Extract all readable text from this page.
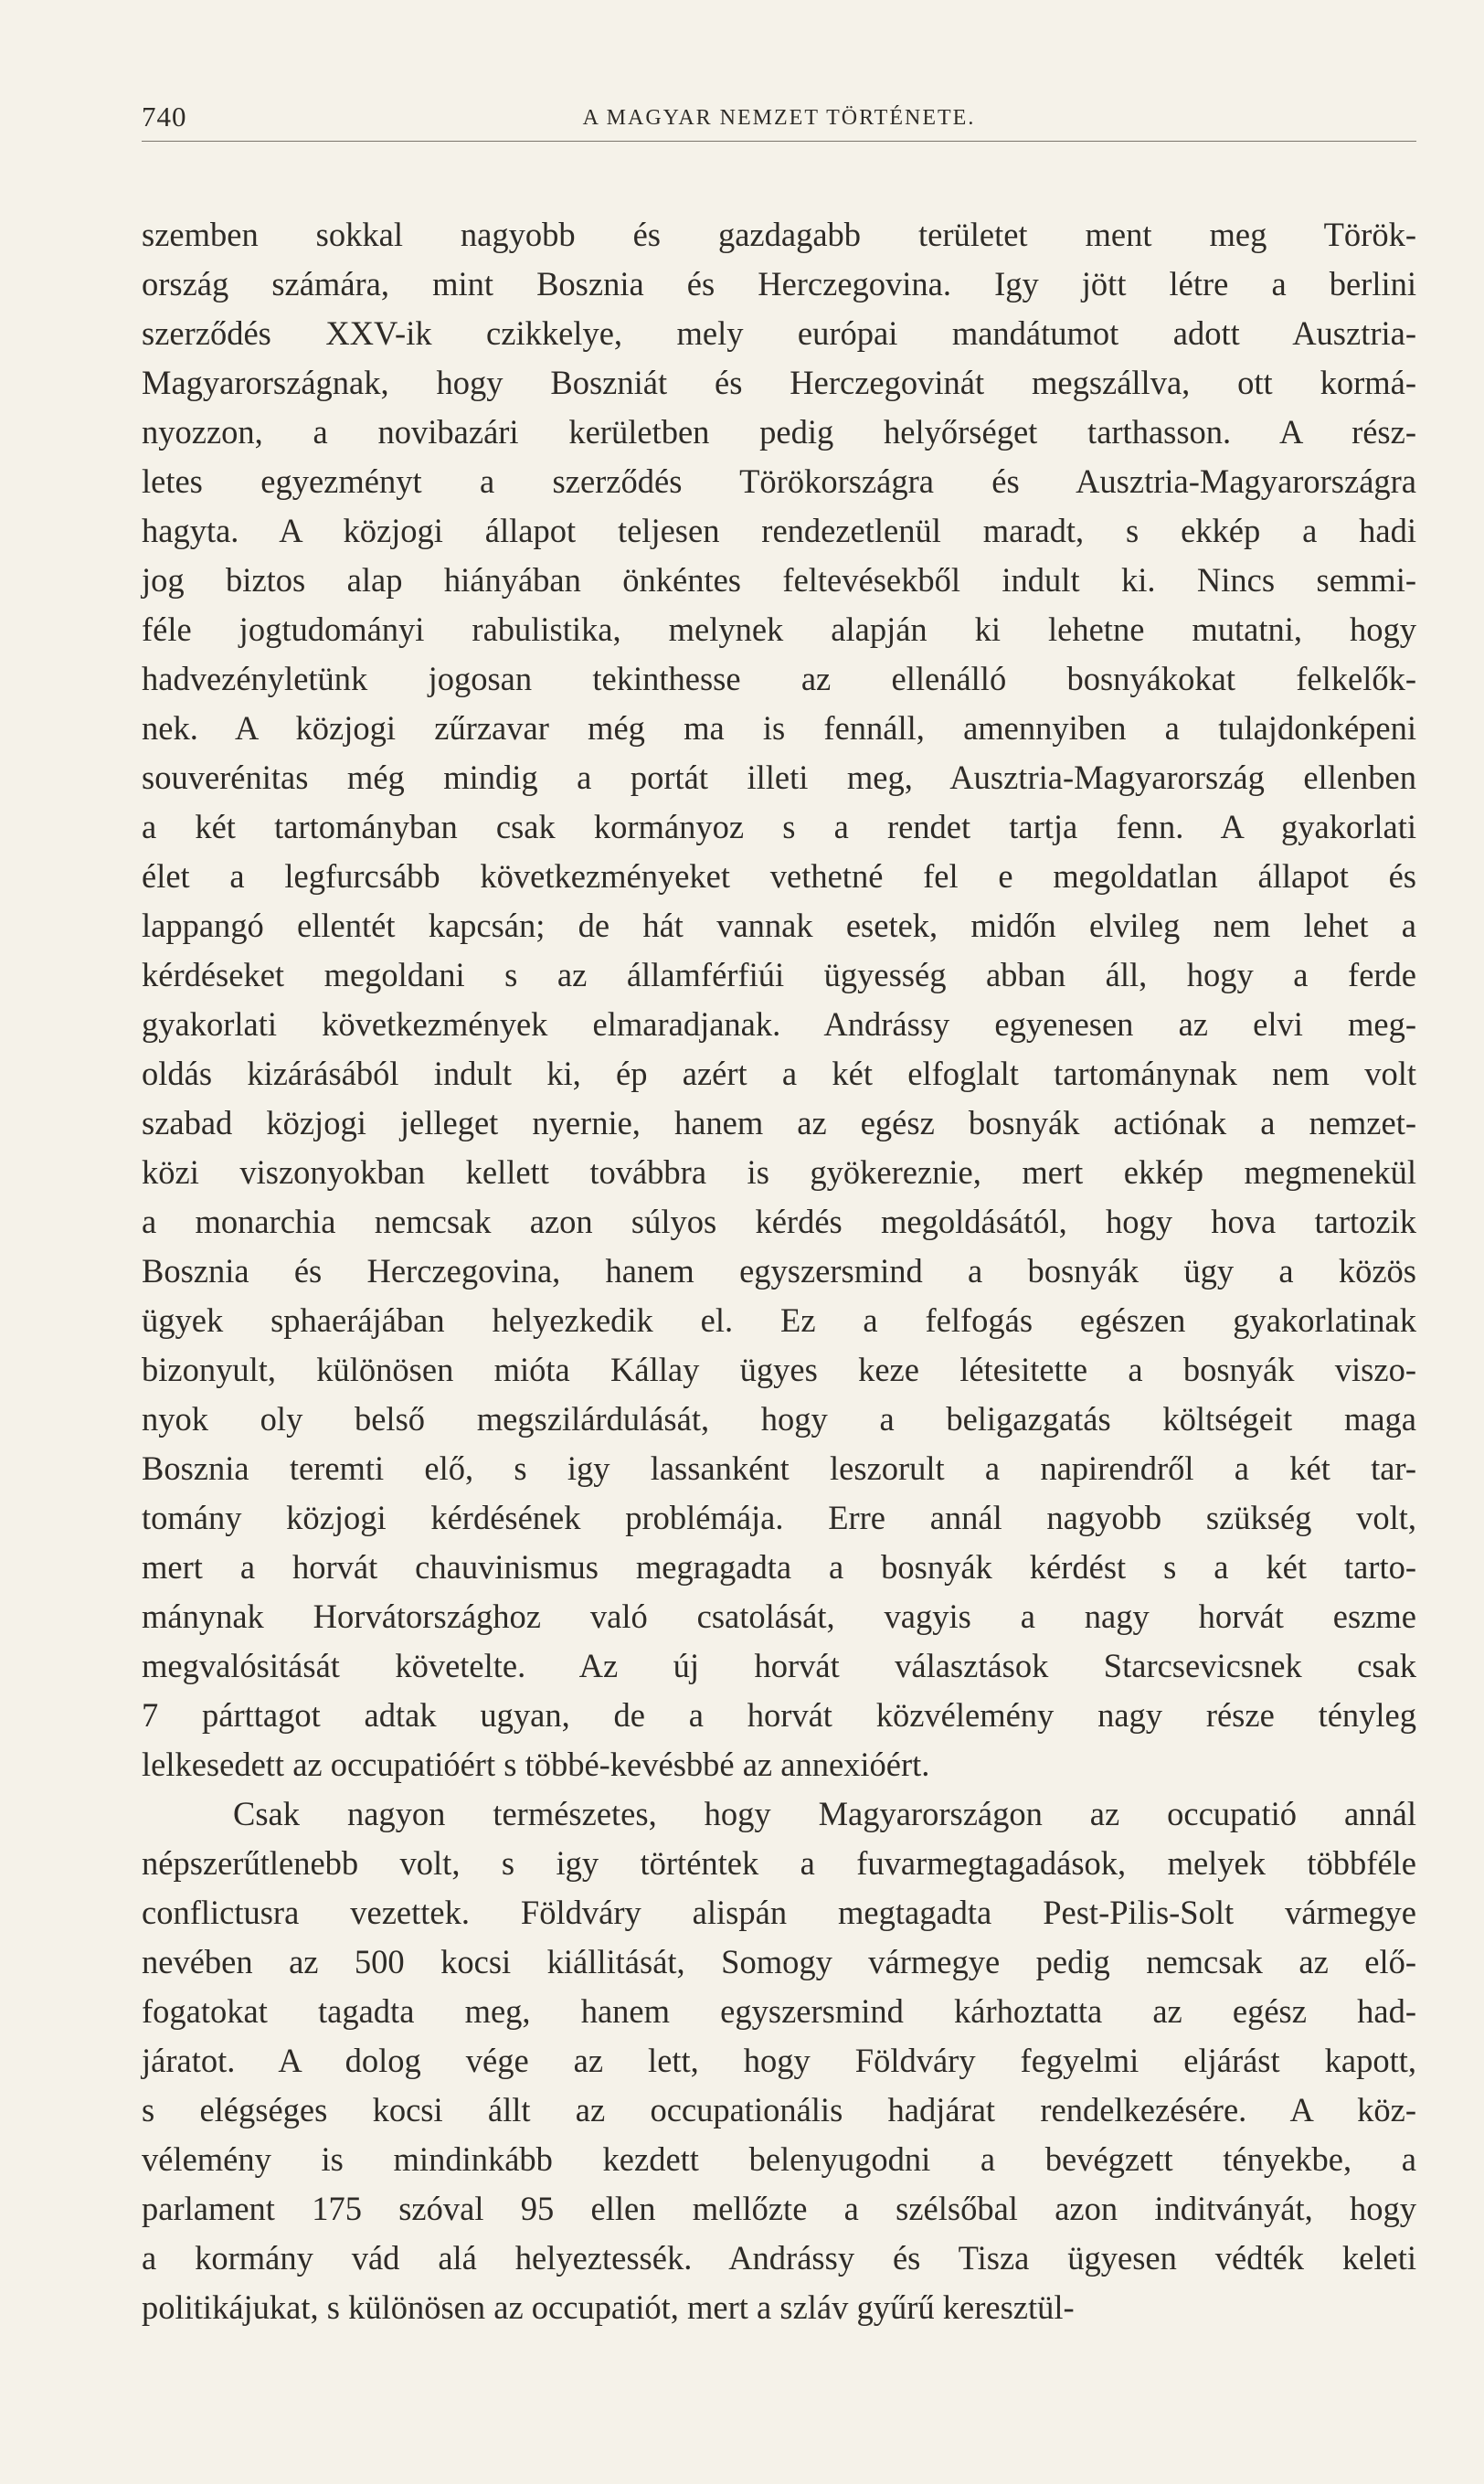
740	A MAGYAR NEMZET TÖRTÉNETE.
szemben sokkal nagyobb és gazdagabb területet ment meg Török-
ország számára, mint Bosznia és Herczegovina. Igy jött létre a berlini
szerződés XXV-ik czikkelye, mely európai mandátumot adott Ausztria-
Magyarországnak, hogy Boszniát és Herczegovinát megszállva, ott kormá-
nyozzon, a novibazári kerületben pedig helyőrséget tarthasson. A rész-
letes egyezményt a szerződés Törökországra és Ausztria-Magyarországra
hagyta. A közjogi állapot teljesen rendezetlenül maradt, s ekkép a hadi
jog biztos alap hiányában önkéntes feltevésekből indult ki. Nincs semmi-
féle jogtudományi rabulistika, melynek alapján ki lehetne mutatni, hogy
hadvezényletünk jogosan tekinthesse az ellenálló bosnyákokat felkelők-
nek. A közjogi zűrzavar még ma is fennáll, amennyiben a tulajdonképeni
souverénitas még mindig a portát illeti meg, Ausztria-Magyarország ellenben
a két tartományban csak kormányoz s a rendet tartja fenn. A gyakorlati
élet a legfurcsább következményeket vethetné fel e megoldatlan állapot és
lappangó ellentét kapcsán; de hát vannak esetek, midőn elvileg nem lehet a
kérdéseket megoldani s az államférfiúi ügyesség abban áll, hogy a ferde
gyakorlati következmények elmaradjanak. Andrássy egyenesen az elvi meg-
oldás kizárásából indult ki, ép azért a két elfoglalt tartománynak nem volt
szabad közjogi jelleget nyernie, hanem az egész bosnyák actiónak a nemzet-
közi viszonyokban kellett továbbra is gyökereznie, mert ekkép megmenekül
a monarchia nemcsak azon súlyos kérdés megoldásától, hogy hova tartozik
Bosznia és Herczegovina, hanem egyszersmind a bosnyák ügy a közös
ügyek sphaerájában helyezkedik el. Ez a felfogás egészen gyakorlatinak
bizonyult, különösen mióta Kállay ügyes keze létesitette a bosnyák viszo-
nyok oly belső megszilárdulását, hogy a beligazgatás költségeit maga
Bosznia teremti elő, s igy lassanként leszorult a napirendről a két tar-
tomány közjogi kérdésének problémája. Erre annál nagyobb szükség volt,
mert a horvát chauvinismus megragadta a bosnyák kérdést s a két tarto-
mánynak Horvátországhoz való csatolását, vagyis a nagy horvát eszme
megvalósitását követelte. Az új horvát választások Starcsevicsnek csak
7 párttagot adtak ugyan, de a horvát közvélemény nagy része tényleg
lelkesedett az occupatióért s többé-kevésbbé az annexióért.
Csak nagyon természetes, hogy Magyarországon az occupatió annál
népszerűtlenebb volt, s igy történtek a fuvarmegtagadások, melyek többféle
conflictusra vezettek. Földváry alispán megtagadta Pest-Pilis-Solt vármegye
nevében az 500 kocsi kiállitását, Somogy vármegye pedig nemcsak az elő-
fogatokat tagadta meg, hanem egyszersmind kárhoztatta az egész had-
járatot. A dolog vége az lett, hogy Földváry fegyelmi eljárást kapott,
s elégséges kocsi állt az occupationális hadjárat rendelkezésére. A köz-
vélemény is mindinkább kezdett belenyugodni a bevégzett tényekbe, a
parlament 175 szóval 95 ellen mellőzte a szélsőbal azon inditványát, hogy
a kormány vád alá helyeztessék. Andrássy és Tisza ügyesen védték keleti
politikájukat, s különösen az occupatiót, mert a szláv gyűrű keresztül-
